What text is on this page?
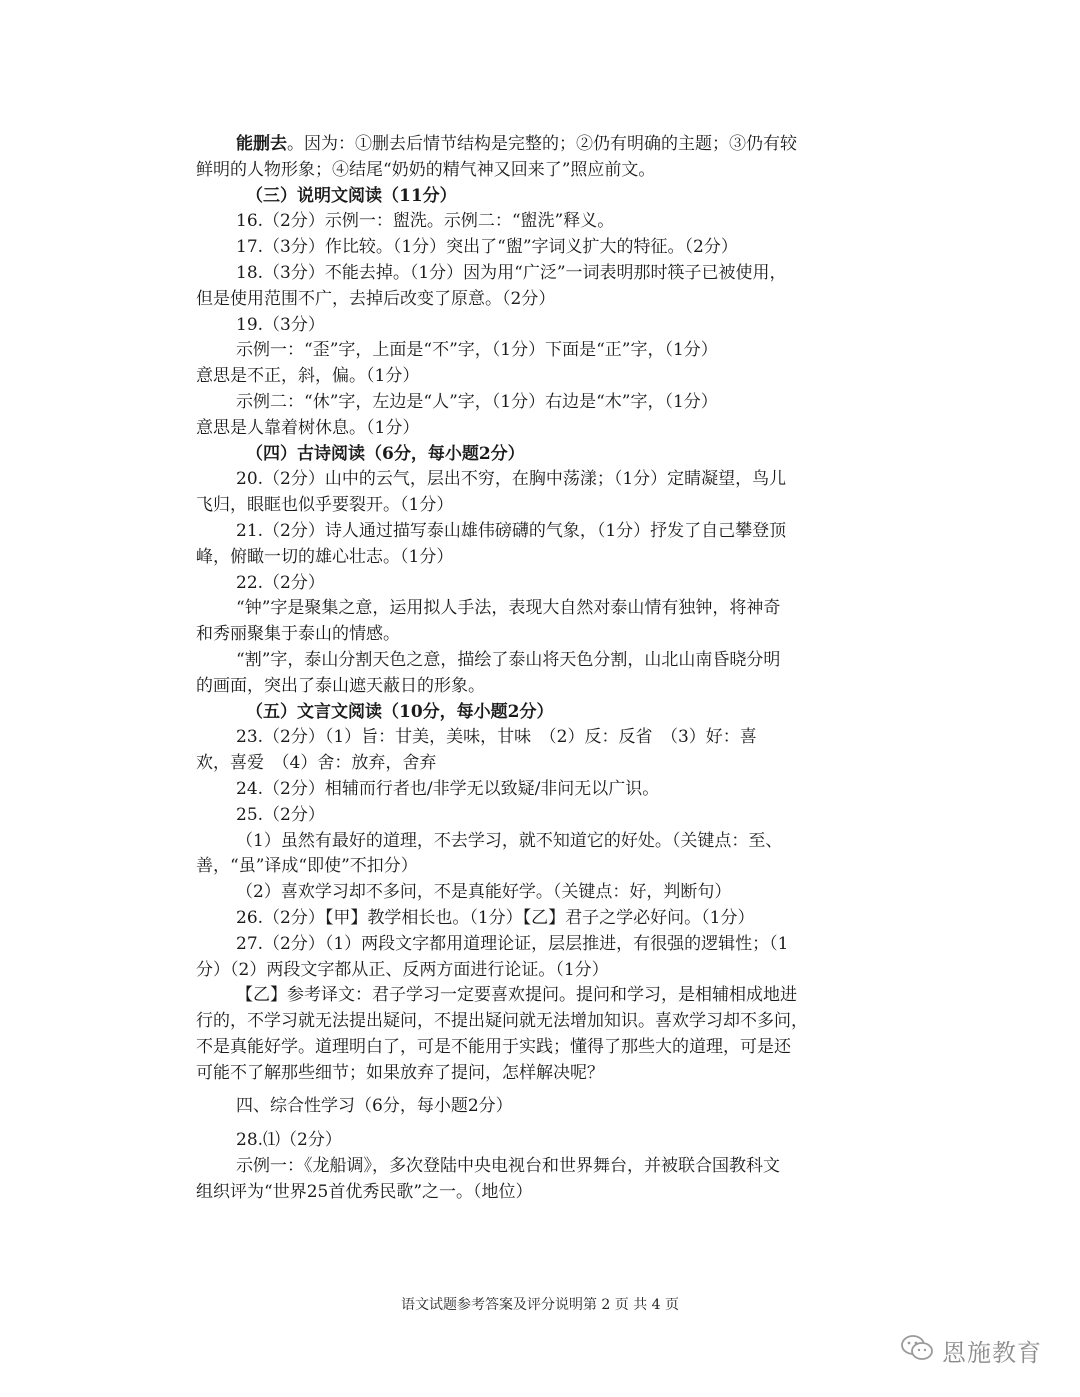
能删去。因为：①删去后情节结构是完整的；②仍有明确的主题；③仍有较
鲜明的人物形象；④结尾“奶奶的精气神又回来了”照应前文。
（三）说明文阅读（11分）
16.（2分）示例一：盥洗。示例二：“盥洗”释义。
17.（3分）作比较。（1分）突出了“盥”字词义扩大的特征。（2分）
18.（3分）不能去掉。（1分）因为用“广泛”一词表明那时筷子已被使用，
但是使用范围不广，去掉后改变了原意。（2分）
19.（3分）
示例一：“歪”字，上面是“不”字，（1分）下面是“正”字，（1分）
意思是不正，斜，偏。（1分）
示例二：“休”字，左边是“人”字，（1分）右边是“木”字，（1分）
意思是人靠着树休息。（1分）
（四）古诗阅读（6分，每小题2分）
20.（2分）山中的云气，层出不穷，在胸中荡漾；（1分）定睛凝望，鸟儿
飞归，眼眶也似乎要裂开。（1分）
21.（2分）诗人通过描写泰山雄伟磅礴的气象，（1分）抒发了自己攀登顶
峰，俯瞰一切的雄心壮志。（1分）
22.（2分）
“钟”字是聚集之意，运用拟人手法，表现大自然对泰山情有独钟，将神奇
和秀丽聚集于泰山的情感。
“割”字，泰山分割天色之意，描绘了泰山将天色分割，山北山南昏晓分明
的画面，突出了泰山遮天蔽日的形象。
（五）文言文阅读（10分，每小题2分）
23.（2分）（1）旨：甘美，美味，甘味　（2）反：反省　（3）好：喜
欢，喜爱　（4）舍：放弃，舍弃
24.（2分）相辅而行者也/非学无以致疑/非问无以广识。
25.（2分）
（1）虽然有最好的道理，不去学习，就不知道它的好处。（关键点：至、
善，“虽”译成“即使”不扣分）
（2）喜欢学习却不多问，不是真能好学。（关键点：好，判断句）
26.（2分）【甲】教学相长也。（1分）【乙】君子之学必好问。（1分）
27.（2分）（1）两段文字都用道理论证，层层推进，有很强的逻辑性；（1
分）（2）两段文字都从正、反两方面进行论证。（1分）
【乙】参考译文：君子学习一定要喜欢提问。提问和学习，是相辅相成地进
行的，不学习就无法提出疑问，不提出疑问就无法增加知识。喜欢学习却不多问，
不是真能好学。道理明白了，可是不能用于实践；懂得了那些大的道理，可是还
可能不了解那些细节；如果放弃了提问，怎样解决呢？
四、综合性学习（6分，每小题2分）
28.⑴（2分）
示例一：《龙船调》，多次登陆中央电视台和世界舞台，并被联合国教科文
组织评为“世界25首优秀民歌”之一。（地位）
语文试题参考答案及评分说明第 2 页 共 4 页
恩施教育
